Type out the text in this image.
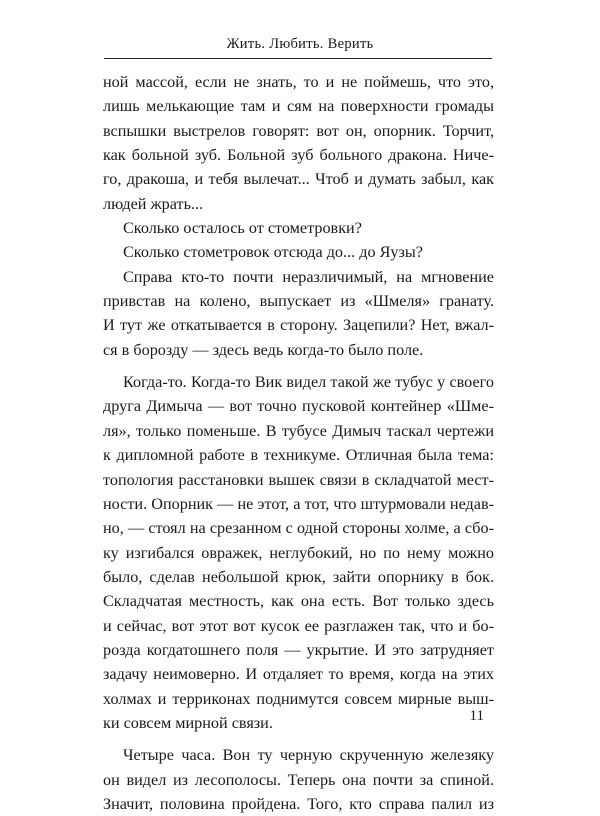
Жить. Любить. Верить
ной массой, если не знать, то и не поймешь, что это,
лишь мелькающие там и сям на поверхности громады
вспышки выстрелов говорят: вот он, опорник. Торчит,
как больной зуб. Больной зуб больного дракона. Ниче-
го, дракоша, и тебя вылечат... Чтоб и думать забыл, как
людей жрать...
Сколько осталось от стометровки?
Сколько стометровок отсюда до... до Яузы?
Справа кто-то почти неразличимый, на мгновение
привстав на колено, выпускает из «Шмеля» гранату.
И тут же откатывается в сторону. Зацепили? Нет, вжал-
ся в борозду — здесь ведь когда-то было поле.
Когда-то. Когда-то Вик видел такой же тубус у своего
друга Димыча — вот точно пусковой контейнер «Шме-
ля», только поменьше. В тубусе Димыч таскал чертежи
к дипломной работе в техникуме. Отличная была тема:
топология расстановки вышек связи в складчатой мест-
ности. Опорник — не этот, а тот, что штурмовали недав-
но, — стоял на срезанном с одной стороны холме, а сбо-
ку изгибался овражек, неглубокий, но по нему можно
было, сделав небольшой крюк, зайти опорнику в бок.
Складчатая местность, как она есть. Вот только здесь
и сейчас, вот этот вот кусок ее разглажен так, что и бо-
розда когдатошнего поля — укрытие. И это затрудняет
задачу неимоверно. И отдаляет то время, когда на этих
холмах и терриконах поднимутся совсем мирные выш-
ки совсем мирной связи.
Четыре часа. Вон ту черную скрученную железяку
он видел из лесополосы. Теперь она почти за спиной.
Значит, половина пройдена. Того, кто справа палил из
11
